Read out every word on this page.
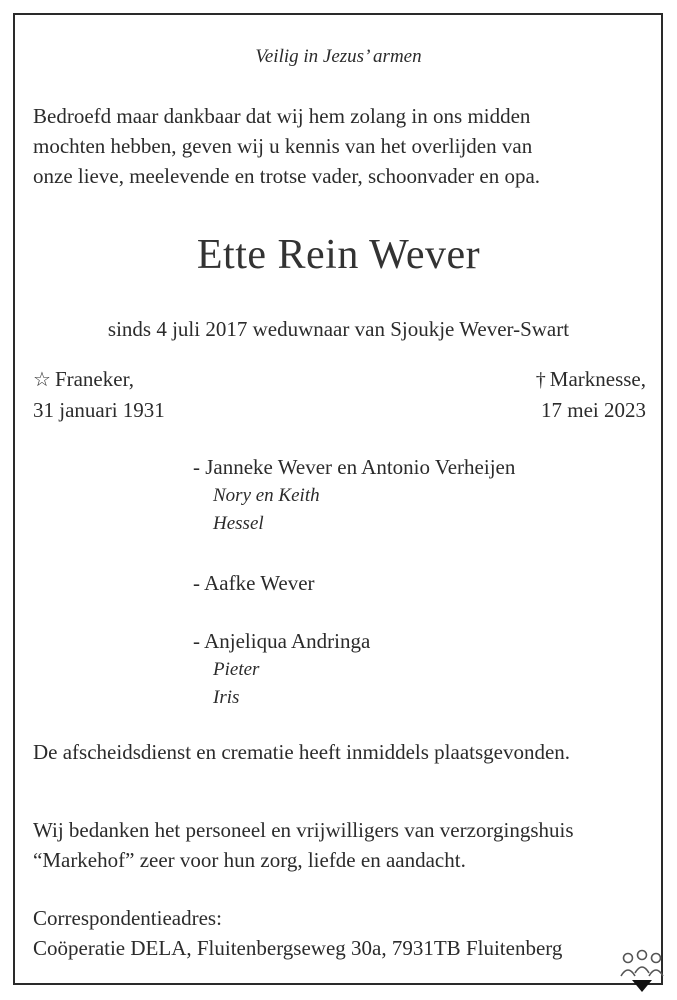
Veilig in Jezus’ armen
Bedroefd maar dankbaar dat wij hem zolang in ons midden
mochten hebben, geven wij u kennis van het overlijden van
onze lieve, meelevende en trotse vader, schoonvader en opa.
Ette Rein Wever
sinds 4 juli 2017 weduwnaar van Sjoukje Wever-Swart
☆ Franeker,
31 januari 1931
† Marknesse,
17 mei 2023
- Janneke Wever en Antonio Verheijen
Nory en Keith
Hessel
- Aafke Wever
- Anjeliqua Andringa
Pieter
Iris
De afscheidsdienst en crematie heeft inmiddels plaatsgevonden.
Wij bedanken het personeel en vrijwilligers van verzorgingshuis
“Markehof” zeer voor hun zorg, liefde en aandacht.
Correspondentieadres:
Coöperatie DELA, Fluitenbergseweg 30a, 7931TB Fluitenberg
